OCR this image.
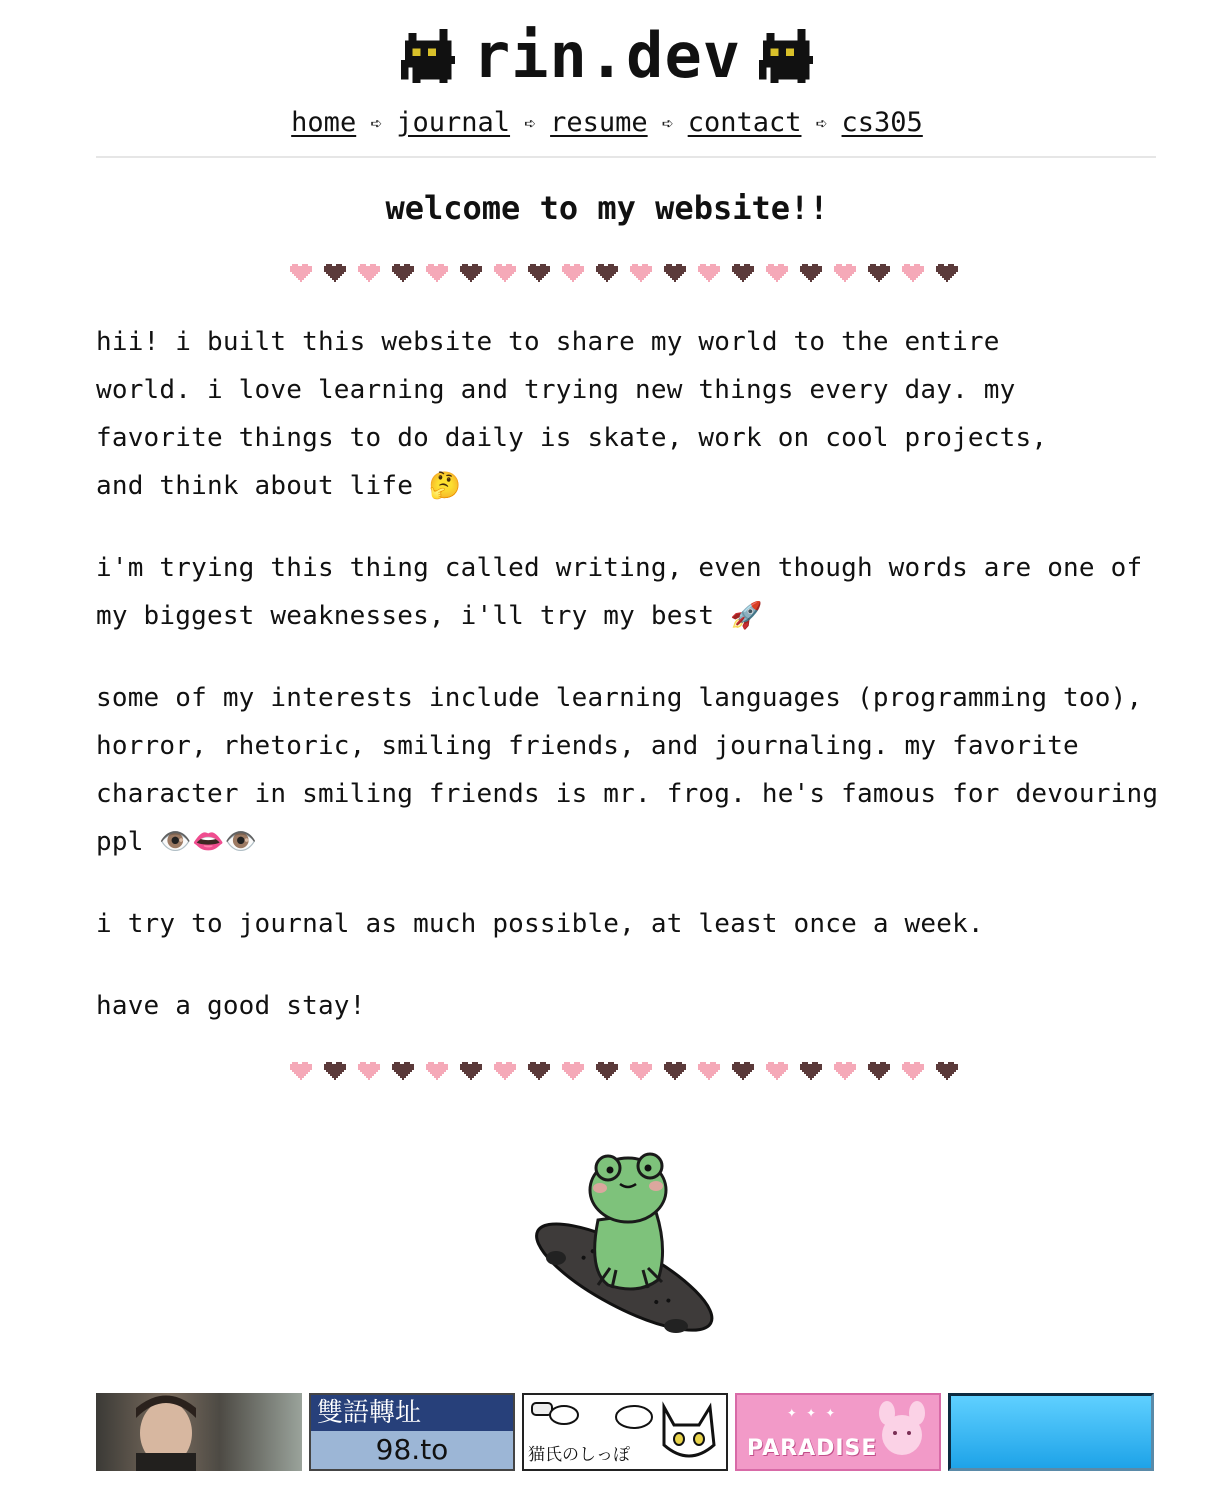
rin.dev
home ➪ journal ➪ resume ➪ contact ➪ cs305
welcome to my website!!

hii! i built this website to share my world to the entire world. i love learning and trying new things every day. my favorite things to do daily is skate, work on cool projects, and think about life 🤔

i'm trying this thing called writing, even though words are one of my biggest weaknesses, i'll try my best 🚀

some of my interests include learning languages (programming too), horror, rhetoric, smiling friends, and journaling. my favorite character in smiling friends is mr. frog. he's famous for devouring ppl 👁️👄👁️

i try to journal as much possible, at least once a week.

have a good stay!

雙語轉址
98.to	猫氏のしっぽ
✦ ✦ ✦
PARADISE
